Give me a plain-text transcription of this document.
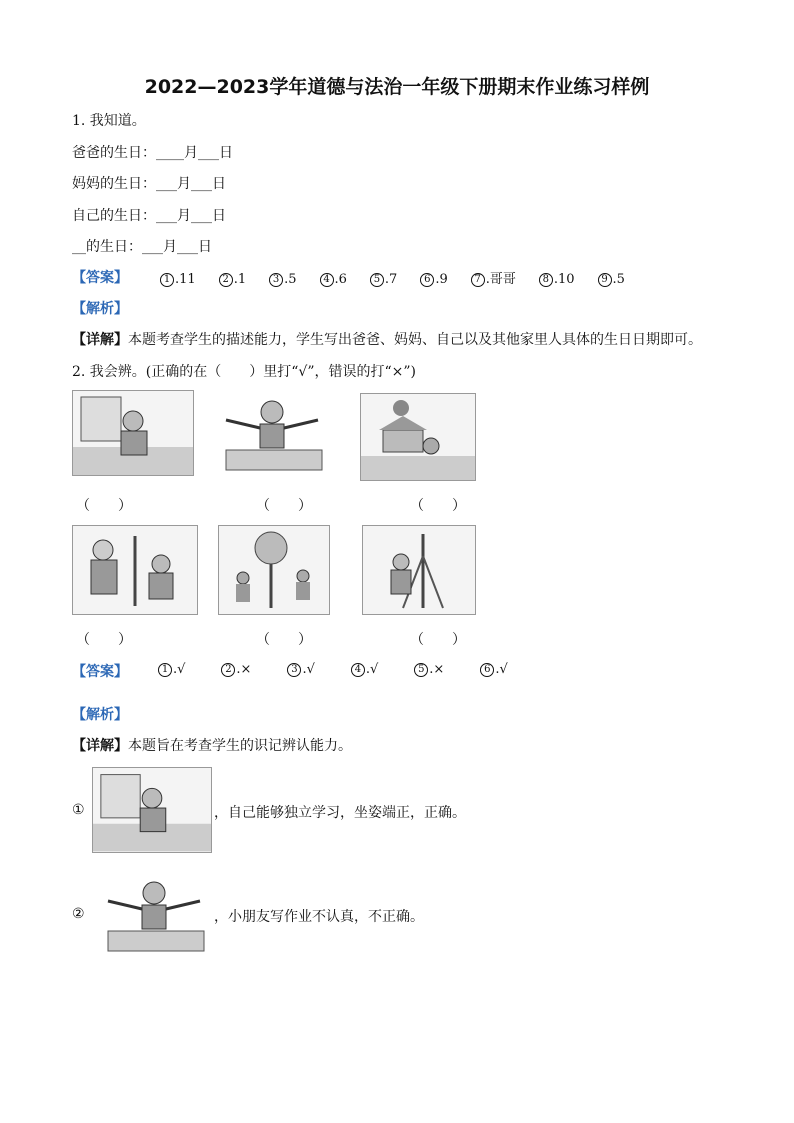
2022—2023学年道德与法治一年级下册期末作业练习样例
1. 我知道。
爸爸的生日：____月___日
妈妈的生日：___月___日
自己的生日：___月___日
__的生日：___月___日
【答案】	1 .11	2 .1	3 .5	4 .6	5 .7	6 .9	7 .哥哥	8 .10	9 .5
【解析】
【详解】本题考查学生的描述能力，学生写出爸爸、妈妈、自己以及其他家里人具体的生日日期即可。
2. 我会辨。(正确的在（　　）里打“√”，错误的打“×”)
（　　）	（　　）	（　　）
（　　）	（　　）	（　　）
【答案】	1 .√	2 .×	3 .√	4 .√	5 .×	6 .√
【解析】
【详解】本题旨在考查学生的识记辨认能力。
①	，自己能够独立学习，坐姿端正，正确。
②	，小朋友写作业不认真，不正确。
